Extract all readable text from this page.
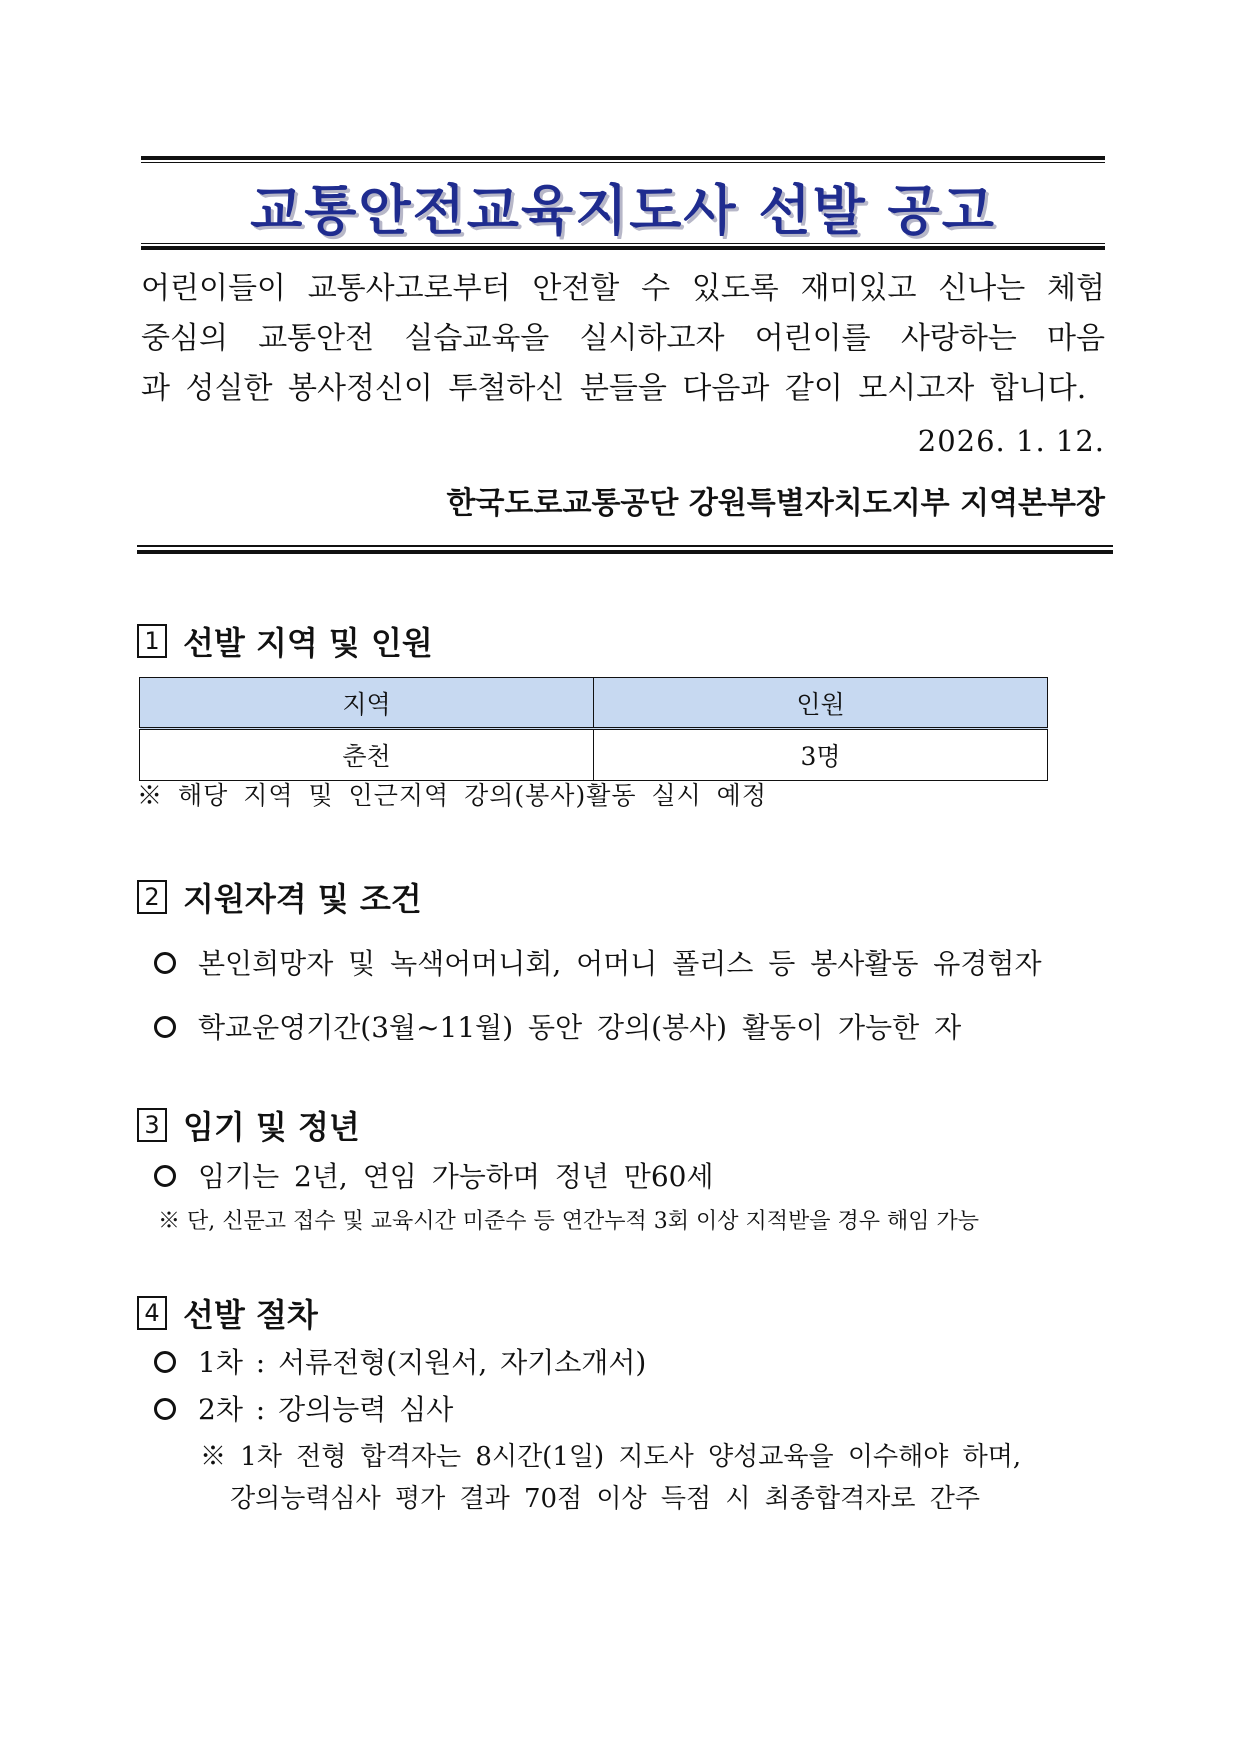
교통안전교육지도사 선발 공고
어린이들이 교통사고로부터 안전할 수 있도록 재미있고 신나는 체험
중심의 교통안전 실습교육을 실시하고자 어린이를 사랑하는 마음
과 성실한 봉사정신이 투철하신 분들을 다음과 같이 모시고자 합니다.
2026. 1. 12.
한국도로교통공단 강원특별자치도지부 지역본부장
1 선발 지역 및 인원
지역	인원
춘천	3명
※ 해당 지역 및 인근지역 강의(봉사)활동 실시 예정
2 지원자격 및 조건
본인희망자 및 녹색어머니회, 어머니 폴리스 등 봉사활동 유경험자
학교운영기간(3월~11월) 동안 강의(봉사) 활동이 가능한 자
3 임기 및 정년
임기는 2년, 연임 가능하며 정년 만60세
※ 단, 신문고 접수 및 교육시간 미준수 등 연간누적 3회 이상 지적받을 경우 해임 가능
4 선발 절차
1차 : 서류전형(지원서, 자기소개서)
2차 : 강의능력 심사
※ 1차 전형 합격자는 8시간(1일) 지도사 양성교육을 이수해야 하며,
강의능력심사 평가 결과 70점 이상 득점 시 최종합격자로 간주
